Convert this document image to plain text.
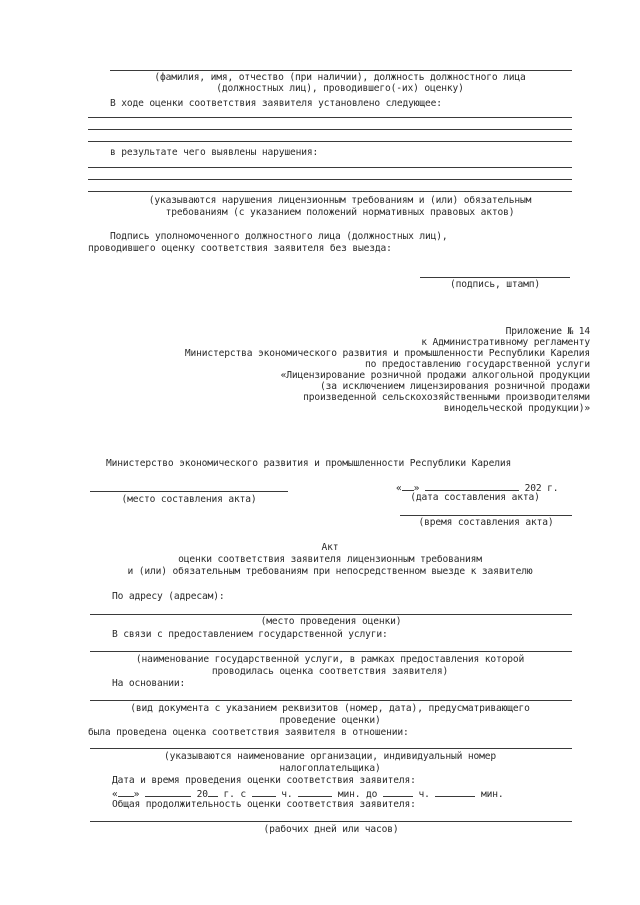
(фамилия, имя, отчество (при наличии), должность должностного лица
(должностных лиц), проводившего(-их) оценку)
В ходе оценки соответствия заявителя установлено следующее:
в результате чего выявлены нарушения:
(указываются нарушения лицензионным требованиям и (или) обязательным
требованиям (с указанием положений нормативных правовых актов)
Подпись уполномоченного должностного лица (должностных лиц),
проводившего оценку соответствия заявителя без выезда:
(подпись, штамп)
Приложение № 14
к Административному регламенту
Министерства экономического развития и промышленности Республики Карелия
по предоставлению государственной услуги
«Лицензирование розничной продажи алкогольной продукции
(за исключением лицензирования розничной продажи
произведенной сельскохозяйственными производителями
винодельческой продукции)»
Министерство экономического развития и промышленности Республики Карелия
« »	202 г.
(место составления акта)	(дата составления акта)
(время составления акта)
Акт
оценки соответствия заявителя лицензионным требованиям
и (или) обязательным требованиям при непосредственном выезде к заявителю
По адресу (адресам):
(место проведения оценки)
В связи с предоставлением государственной услуги:
(наименование государственной услуги, в рамках предоставления которой
проводилась оценка соответствия заявителя)
На основании:
(вид документа с указанием реквизитов (номер, дата), предусматривающего
проведение оценки)
была проведена оценка соответствия заявителя в отношении:
(указываются наименование организации, индивидуальный номер
налогоплательщика)
Дата и время проведения оценки соответствия заявителя:
« »	20 г. с	ч.	мин. до	ч.	мин.
Общая продолжительность оценки соответствия заявителя:
(рабочих дней или часов)
